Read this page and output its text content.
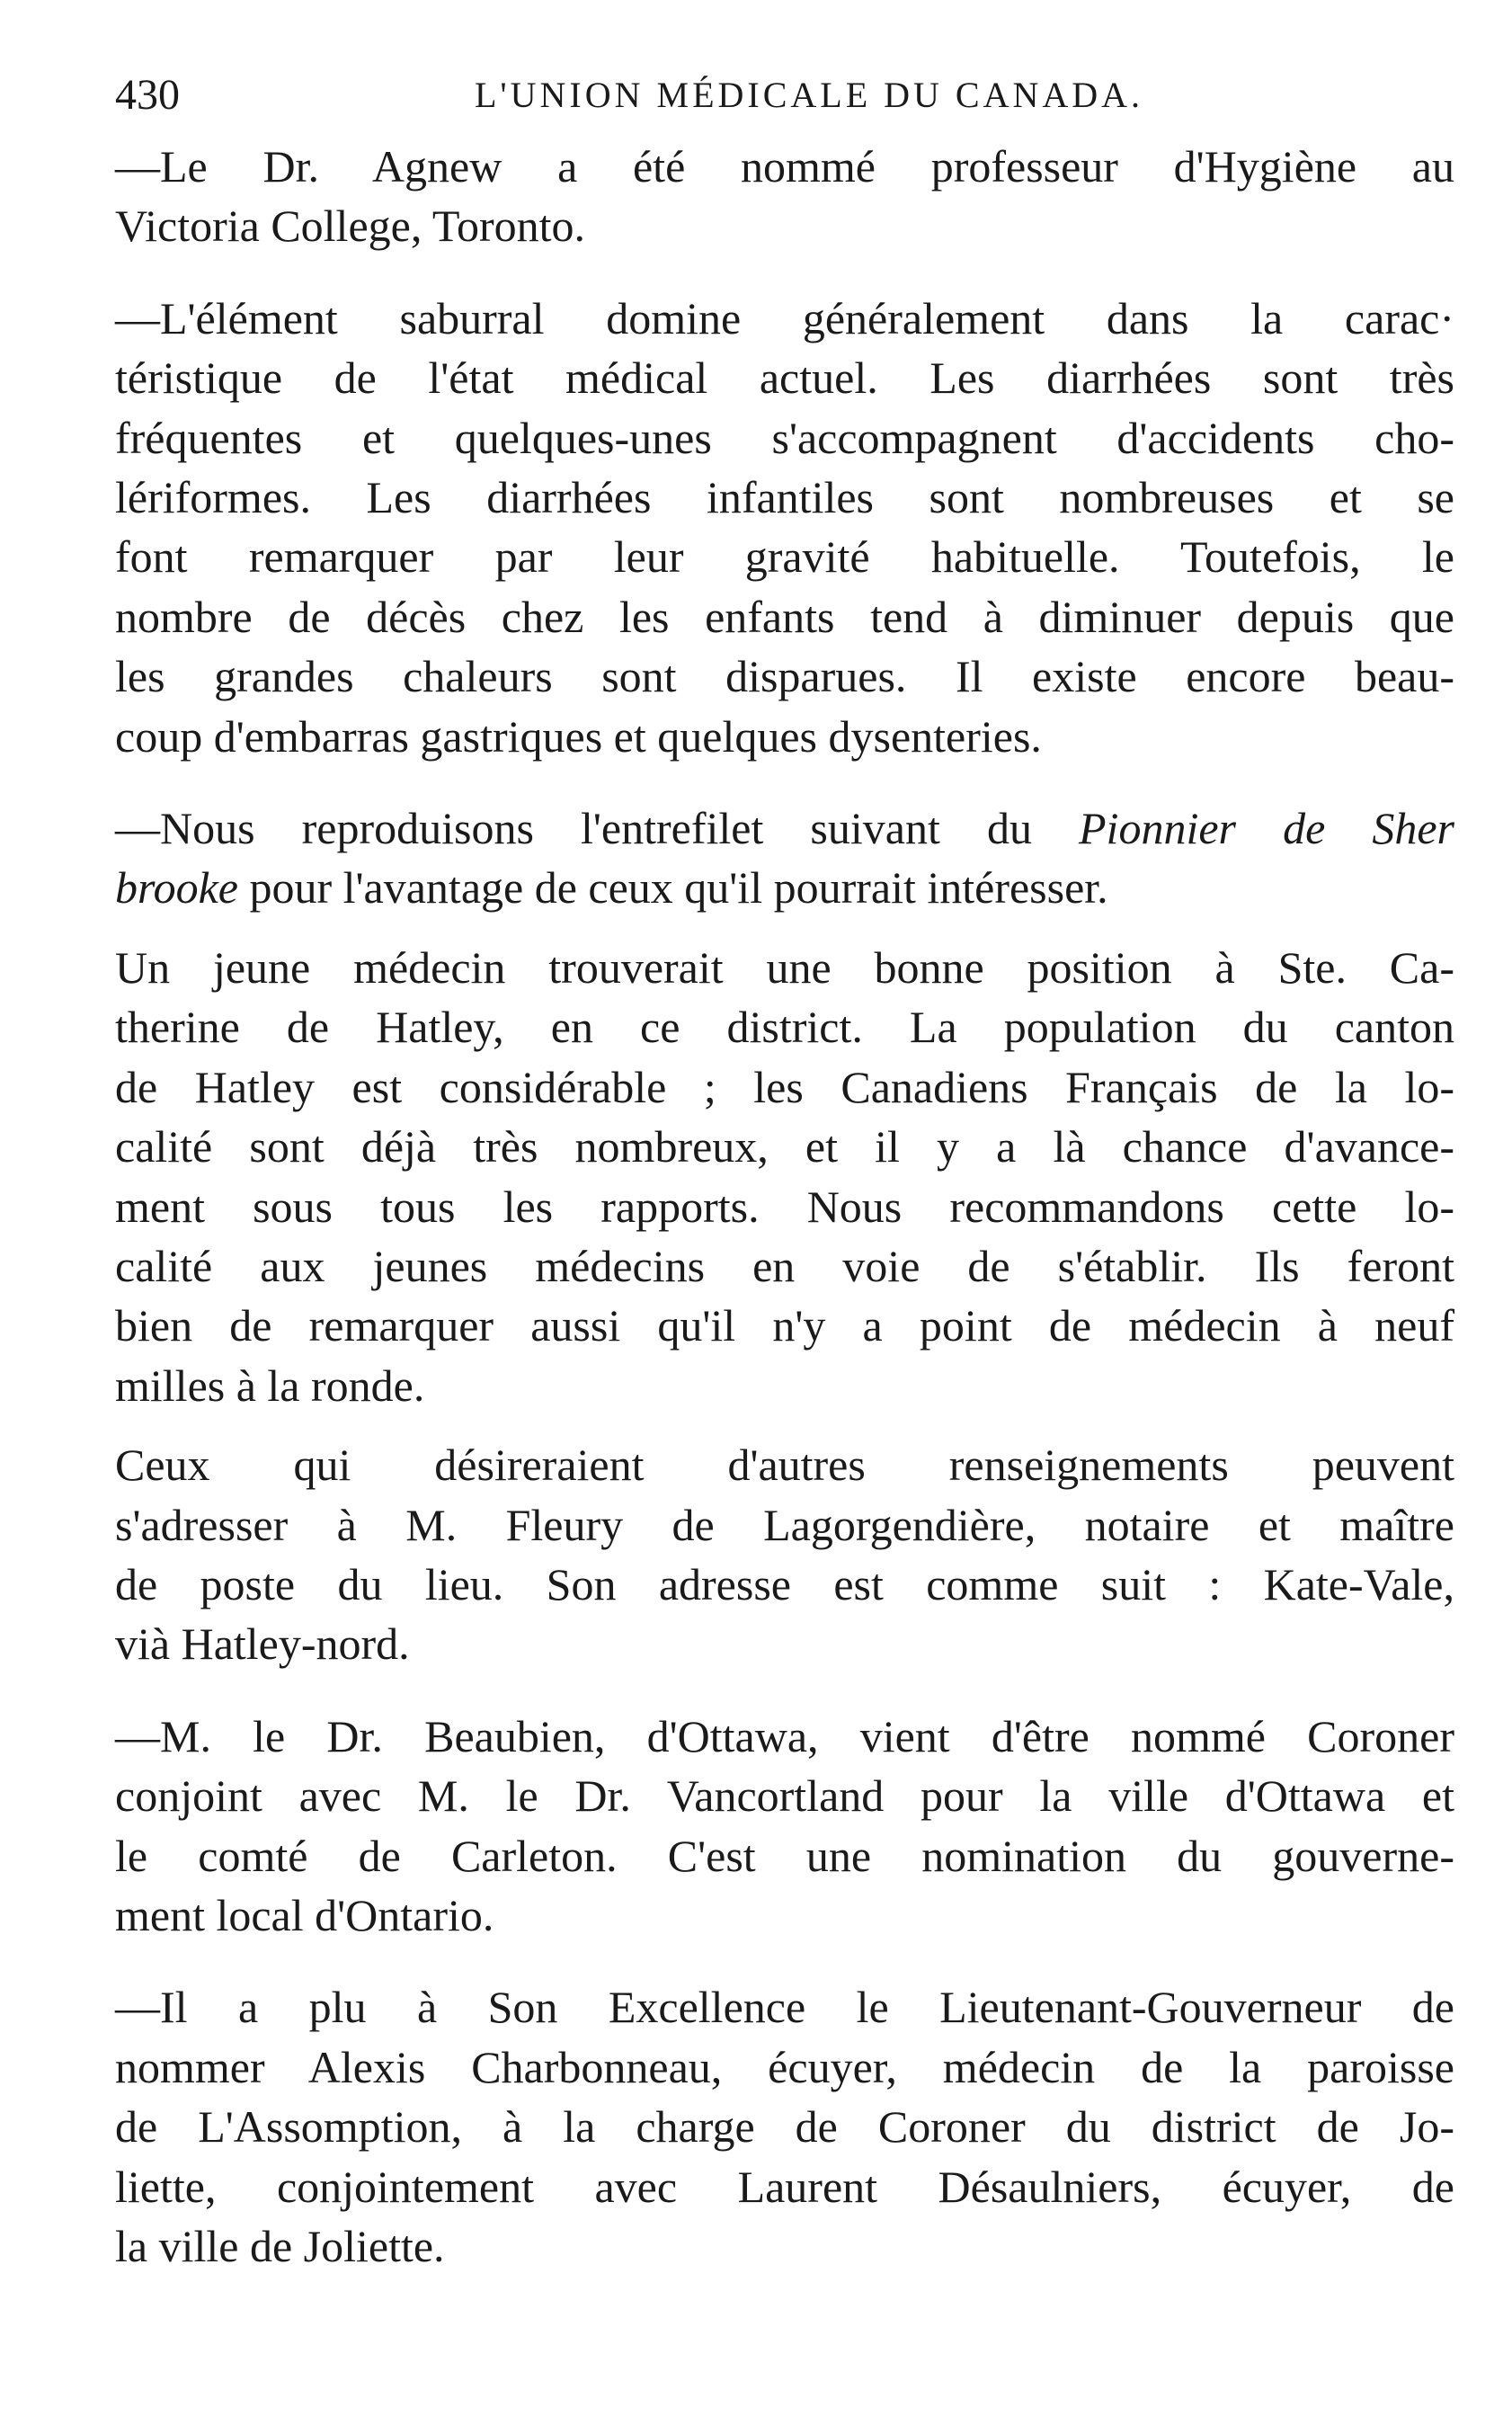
430	L'UNION MÉDICALE DU CANADA.

—Le Dr. Agnew a été nommé professeur d'Hygiène au
Victoria College, Toronto.

—L'élément saburral domine généralement dans la carac·
téristique de l'état médical actuel. Les diarrhées sont très
fréquentes et quelques-unes s'accompagnent d'accidents cho-
lériformes. Les diarrhées infantiles sont nombreuses et se
font remarquer par leur gravité habituelle. Toutefois, le
nombre de décès chez les enfants tend à diminuer depuis que
les grandes chaleurs sont disparues. Il existe encore beau-
coup d'embarras gastriques et quelques dysenteries.

—Nous reproduisons l'entrefilet suivant du Pionnier de Sher
brooke pour l'avantage de ceux qu'il pourrait intéresser.

Un jeune médecin trouverait une bonne position à Ste. Ca-
therine de Hatley, en ce district. La population du canton
de Hatley est considérable ; les Canadiens Français de la lo-
calité sont déjà très nombreux, et il y a là chance d'avance-
ment sous tous les rapports. Nous recommandons cette lo-
calité aux jeunes médecins en voie de s'établir. Ils feront
bien de remarquer aussi qu'il n'y a point de médecin à neuf
milles à la ronde.

Ceux qui désireraient d'autres renseignements peuvent
s'adresser à M. Fleury de Lagorgendière, notaire et maître
de poste du lieu. Son adresse est comme suit : Kate-Vale,
vià Hatley-nord.

—M. le Dr. Beaubien, d'Ottawa, vient d'être nommé Coroner
conjoint avec M. le Dr. Vancortland pour la ville d'Ottawa et
le comté de Carleton. C'est une nomination du gouverne-
ment local d'Ontario.

—Il a plu à Son Excellence le Lieutenant-Gouverneur de
nommer Alexis Charbonneau, écuyer, médecin de la paroisse
de L'Assomption, à la charge de Coroner du district de Jo-
liette, conjointement avec Laurent Désaulniers, écuyer, de
la ville de Joliette.
